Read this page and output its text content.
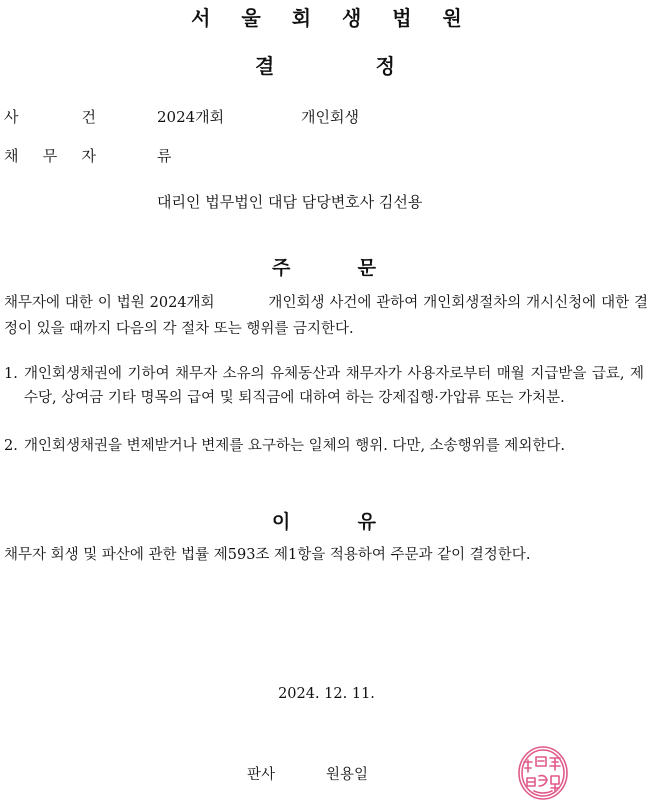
서 울 회 생 법 원
결	정
사	건	2024개회	개인회생
채 무 자	류
대리인 법무법인 대담 담당변호사 김선용
주	문
채무자에 대한 이 법원 2024개회           개인회생 사건에 관하여 개인회생절차의 개시신청에 대한 결정이 있을 때까지 다음의 각 절차 또는 행위를 금지한다.
1. 개인회생채권에 기하여 채무자 소유의 유체동산과 채무자가 사용자로부터 매월 지급받을 급료, 제수당, 상여금 기타 명목의 급여 및 퇴직금에 대하여 하는 강제집행·가압류 또는 가처분.
2. 개인회생채권을 변제받거나 변제를 요구하는 일체의 행위. 다만, 소송행위를 제외한다.
이	유
채무자 회생 및 파산에 관한 법률 제593조 제1항을 적용하여 주문과 같이 결정한다.
2024. 12. 11.
판사	원용일
